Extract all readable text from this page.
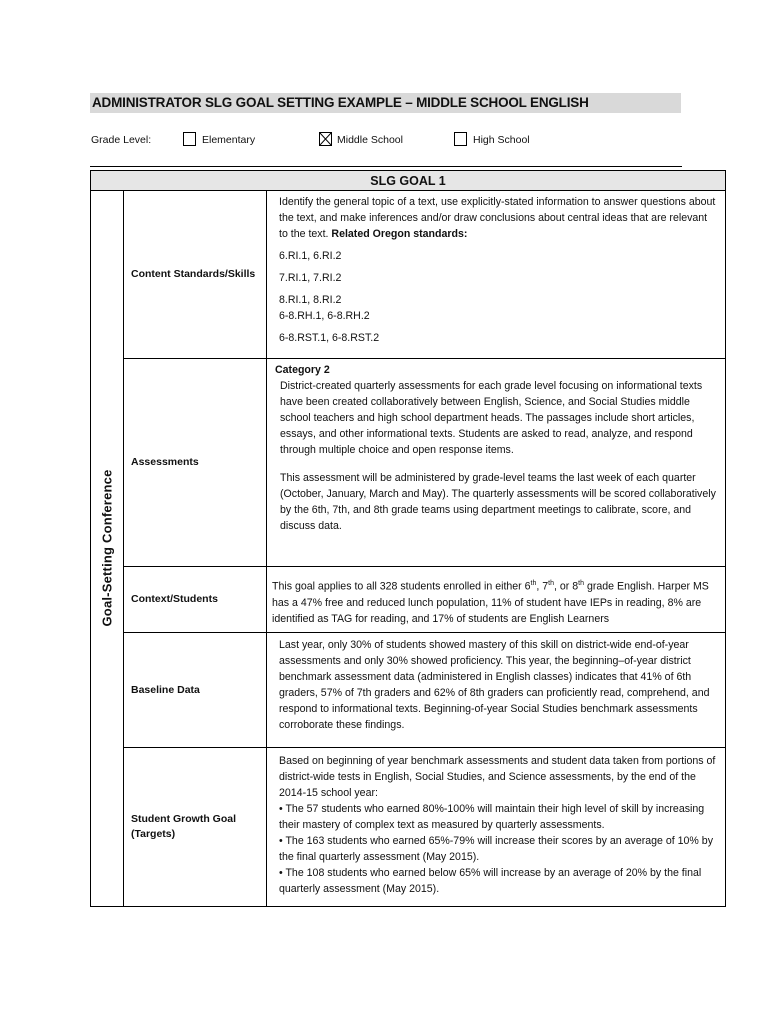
ADMINISTRATOR SLG GOAL SETTING EXAMPLE – MIDDLE SCHOOL ENGLISH
Grade Level:	Elementary	Middle School	High School
SLG GOAL 1
Goal-Setting Conference
Content Standards/Skills

Identify the general topic of a text, use explicitly-stated information to answer questions about the text, and make inferences and/or draw conclusions about central ideas that are relevant to the text. Related Oregon standards:

6.RI.1, 6.RI.2

7.RI.1, 7.RI.2

8.RI.1, 8.RI.2

6-8.RH.1, 6-8.RH.2

6-8.RST.1, 6-8.RST.2

Assessments

Category 2

District-created quarterly assessments for each grade level focusing on informational texts have been created collaboratively between English, Science, and Social Studies middle school teachers and high school department heads. The passages include short articles, essays, and other informational texts. Students are asked to read, analyze, and respond through multiple choice and open response items.

This assessment will be administered by grade-level teams the last week of each quarter (October, January, March and May). The quarterly assessments will be scored collaboratively by the 6th, 7th, and 8th grade teams using department meetings to calibrate, score, and discuss data.

Context/Students

This goal applies to all 328 students enrolled in either 6th, 7th, or 8th grade English. Harper MS has a 47% free and reduced lunch population, 11% of student have IEPs in reading, 8% are identified as TAG for reading, and 17% of students are English Learners

Baseline Data

Last year, only 30% of students showed mastery of this skill on district-wide end-of-year assessments and only 30% showed proficiency. This year, the beginning–of-year district benchmark assessment data (administered in English classes) indicates that 41% of 6th graders, 57% of 7th graders and 62% of 8th graders can proficiently read, comprehend, and respond to informational texts. Beginning-of-year Social Studies benchmark assessments corroborate these findings.

Student Growth Goal (Targets)

Based on beginning of year benchmark assessments and student data taken from portions of district-wide tests in English, Social Studies, and Science assessments, by the end of the 2014-15 school year:

• The 57 students who earned 80%-100% will maintain their high level of skill by increasing their mastery of complex text as measured by quarterly assessments.

• The 163 students who earned 65%-79% will increase their scores by an average of 10% by the final quarterly assessment (May 2015).

• The 108 students who earned below 65% will increase by an average of 20% by the final quarterly assessment (May 2015).
